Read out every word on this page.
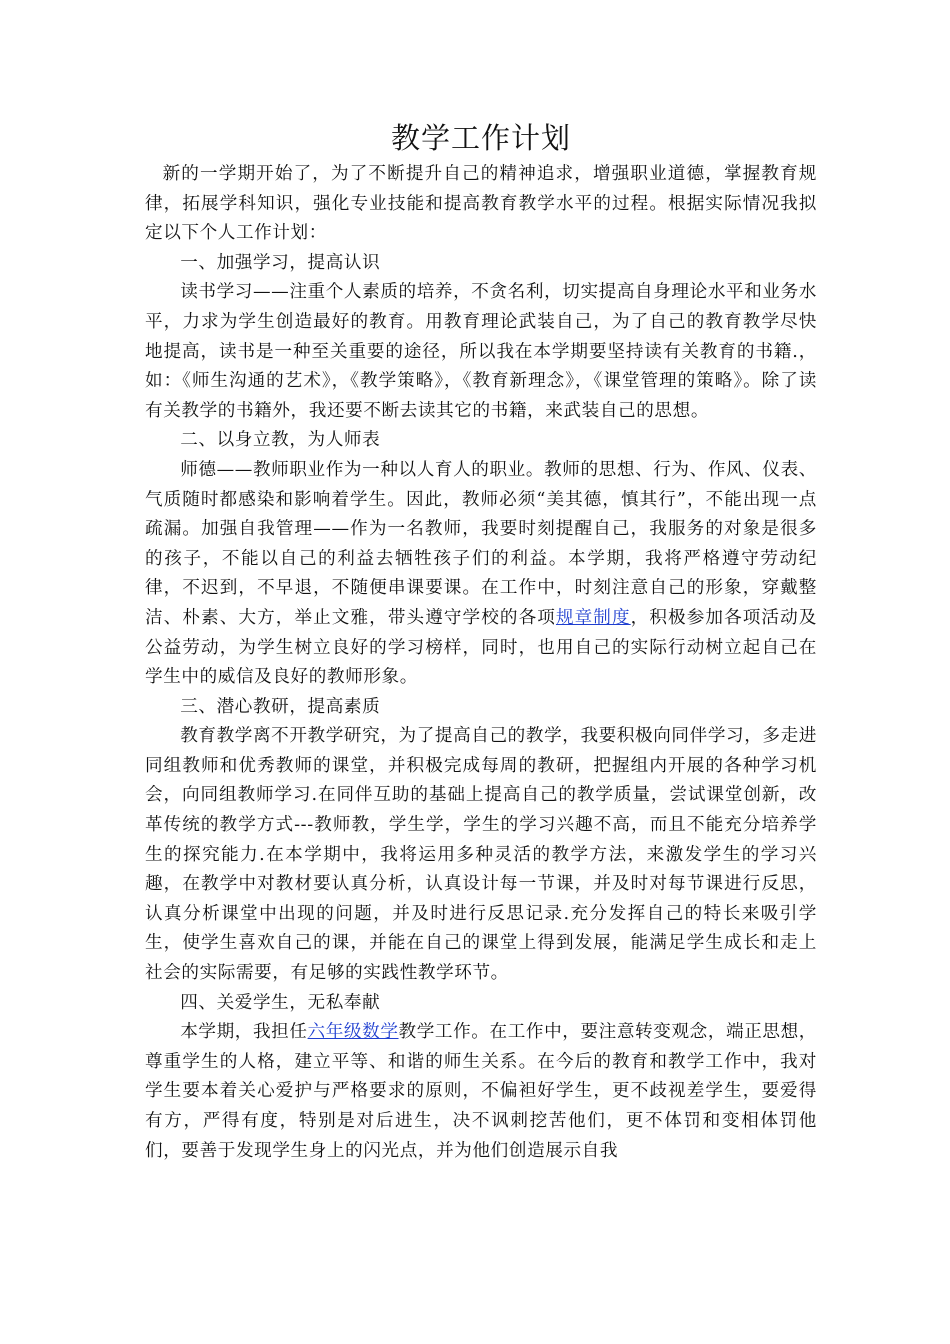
教学工作计划

新的一学期开始了，为了不断提升自己的精神追求，增强职业道德，掌握教育规律，拓展学科知识，强化专业技能和提高教育教学水平的过程。根据实际情况我拟定以下个人工作计划：

一、加强学习，提高认识

读书学习——注重个人素质的培养，不贪名利，切实提高自身理论水平和业务水平，力求为学生创造最好的教育。用教育理论武装自己，为了自己的教育教学尽快地提高，读书是一种至关重要的途径，所以我在本学期要坚持读有关教育的书籍.，如：《师生沟通的艺术》，《教学策略》，《教育新理念》，《课堂管理的策略》。除了读有关教学的书籍外，我还要不断去读其它的书籍，来武装自己的思想。

二、以身立教，为人师表

师德——教师职业作为一种以人育人的职业。教师的思想、行为、作风、仪表、气质随时都感染和影响着学生。因此，教师必须“美其德，慎其行”，不能出现一点疏漏。加强自我管理——作为一名教师，我要时刻提醒自己，我服务的对象是很多的孩子，不能以自己的利益去牺牲孩子们的利益。本学期，我将严格遵守劳动纪律，不迟到，不早退，不随便串课要课。在工作中，时刻注意自己的形象，穿戴整洁、朴素、大方，举止文雅，带头遵守学校的各项规章制度，积极参加各项活动及公益劳动，为学生树立良好的学习榜样，同时，也用自己的实际行动树立起自己在学生中的威信及良好的教师形象。

三、潜心教研，提高素质

教育教学离不开教学研究，为了提高自己的教学，我要积极向同伴学习，多走进同组教师和优秀教师的课堂，并积极完成每周的教研，把握组内开展的各种学习机会，向同组教师学习.在同伴互助的基础上提高自己的教学质量，尝试课堂创新，改革传统的教学方式---教师教，学生学，学生的学习兴趣不高，而且不能充分培养学生的探究能力.在本学期中，我将运用多种灵活的教学方法，来激发学生的学习兴趣，在教学中对教材要认真分析，认真设计每一节课，并及时对每节课进行反思，认真分析课堂中出现的问题，并及时进行反思记录.充分发挥自己的特长来吸引学生，使学生喜欢自己的课，并能在自己的课堂上得到发展，能满足学生成长和走上社会的实际需要，有足够的实践性教学环节。

四、关爱学生，无私奉献

本学期，我担任六年级数学教学工作。在工作中，要注意转变观念，端正思想，尊重学生的人格，建立平等、和谐的师生关系。在今后的教育和教学工作中，我对学生要本着关心爱护与严格要求的原则，不偏袒好学生，更不歧视差学生，要爱得有方，严得有度，特别是对后进生，决不讽刺挖苦他们，更不体罚和变相体罚他们，要善于发现学生身上的闪光点，并为他们创造展示自我
